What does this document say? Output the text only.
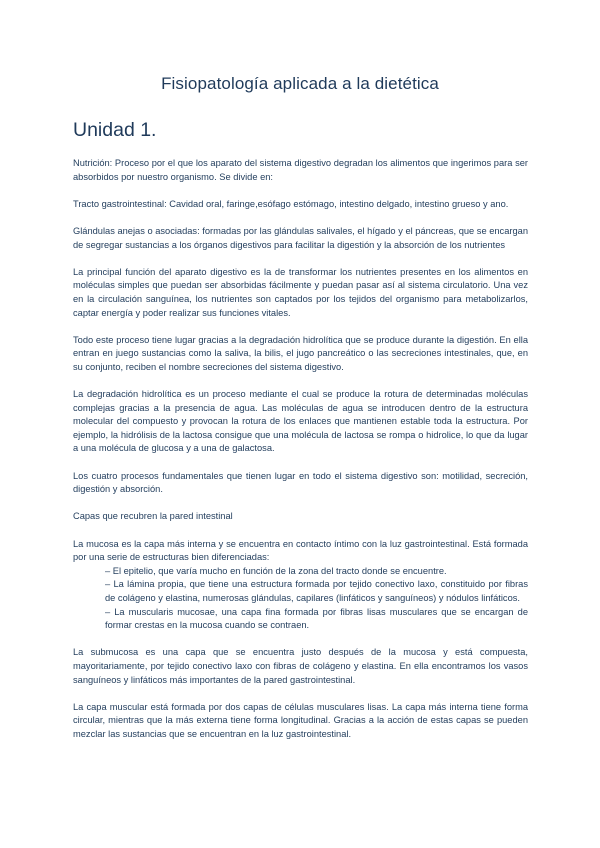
Fisiopatología aplicada a la dietética
Unidad 1.

Nutrición: Proceso por el que los aparato del sistema digestivo degradan los alimentos que ingerimos para ser absorbidos por nuestro organismo. Se divide en:

Tracto gastrointestinal: Cavidad oral, faringe,esófago estómago, intestino delgado, intestino grueso y ano.

Glándulas anejas o asociadas: formadas por las glándulas salivales, el hígado y el páncreas, que se encargan de segregar sustancias a los órganos digestivos para facilitar la digestión y la absorción de los nutrientes

La principal función del aparato digestivo es la de transformar los nutrientes presentes en los alimentos en moléculas simples que puedan ser absorbidas fácilmente y puedan pasar así al sistema circulatorio. Una vez en la circulación sanguínea, los nutrientes son captados por los tejidos del organismo para metabolizarlos, captar energía y poder realizar sus funciones vitales.

Todo este proceso tiene lugar gracias a la degradación hidrolítica que se produce durante la digestión. En ella entran en juego sustancias como la saliva, la bilis, el jugo pancreático o las secreciones intestinales, que, en su conjunto, reciben el nombre secreciones del sistema digestivo.

La degradación hidrolítica es un proceso mediante el cual se produce la rotura de determinadas moléculas complejas gracias a la presencia de agua. Las moléculas de agua se introducen dentro de la estructura molecular del compuesto y provocan la rotura de los enlaces que mantienen estable toda la estructura. Por ejemplo, la hidrólisis de la lactosa consigue que una molécula de lactosa se rompa o hidrolice, lo que da lugar a una molécula de glucosa y a una de galactosa.

Los cuatro procesos fundamentales que tienen lugar en todo el sistema digestivo son: motilidad, secreción, digestión y absorción.

Capas que recubren la pared intestinal

La mucosa es la capa más interna y se encuentra en contacto íntimo con la luz gastrointestinal. Está formada por una serie de estructuras bien diferenciadas:

– El epitelio, que varía mucho en función de la zona del tracto donde se encuentre.
– La lámina propia, que tiene una estructura formada por tejido conectivo laxo, constituido por fibras de colágeno y elastina, numerosas glándulas, capilares (linfáticos y sanguíneos) y nódulos linfáticos.
– La muscularis mucosae, una capa fina formada por fibras lisas musculares que se encargan de formar crestas en la mucosa cuando se contraen.

La submucosa es una capa que se encuentra justo después de la mucosa y está compuesta, mayoritariamente, por tejido conectivo laxo con fibras de colágeno y elastina. En ella encontramos los vasos sanguíneos y linfáticos más importantes de la pared gastrointestinal.

La capa muscular está formada por dos capas de células musculares lisas. La capa más interna tiene forma circular, mientras que la más externa tiene forma longitudinal. Gracias a la acción de estas capas se pueden mezclar las sustancias que se encuentran en la luz gastrointestinal.
